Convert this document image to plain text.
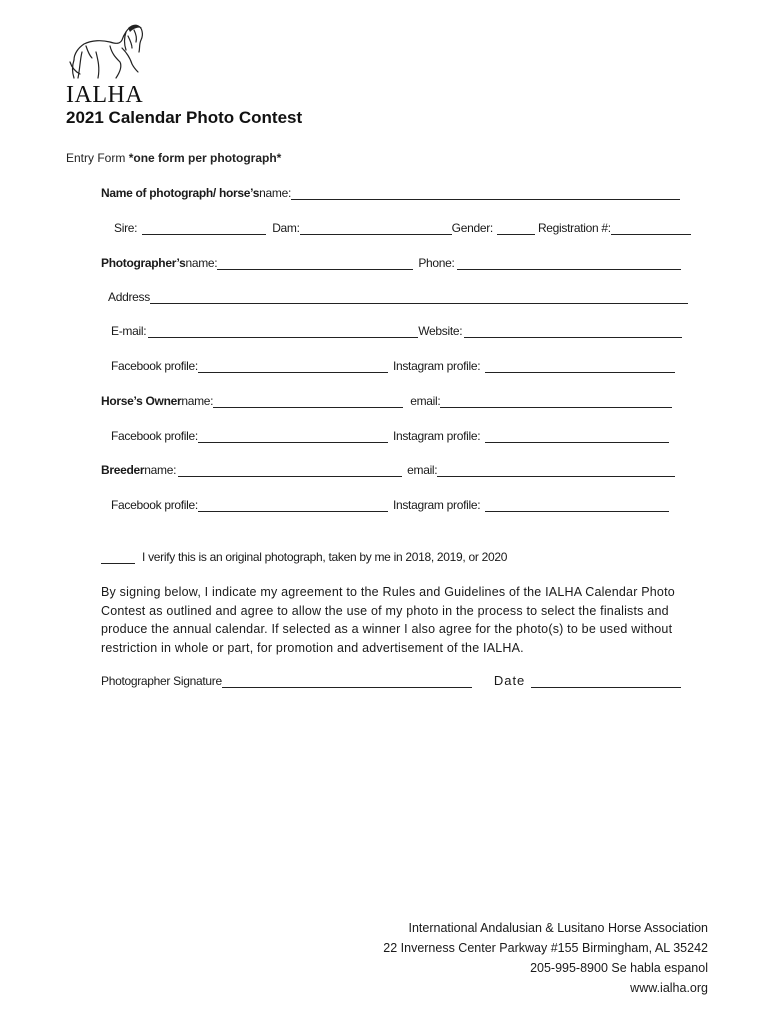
IALHA
2021 Calendar Photo Contest
Entry Form *one form per photograph*
Name of photograph/ horse’s name:
Sire:	Dam:	Gender:	Registration #:
Photographer’s name:	Phone:
Address
E-mail:	Website:
Facebook profile:	Instagram profile:
Horse’s Owner name:	email:
Facebook profile:	Instagram profile:
Breeder name:	email:
Facebook profile:	Instagram profile:
I verify this is an original photograph, taken by me in 2018, 2019, or 2020
By signing below, I indicate my agreement to the Rules and Guidelines of the IALHA Calendar Photo Contest as outlined and agree to allow the use of my photo in the process to select the finalists and produce the annual calendar. If selected as a winner I also agree for the photo(s) to be used without restriction in whole or part, for promotion and advertisement of the IALHA.
Photographer Signature	Date
International Andalusian & Lusitano Horse Association
22 Inverness Center Parkway #155 Birmingham, AL 35242
205-995-8900 Se habla espanol
www.ialha.org
